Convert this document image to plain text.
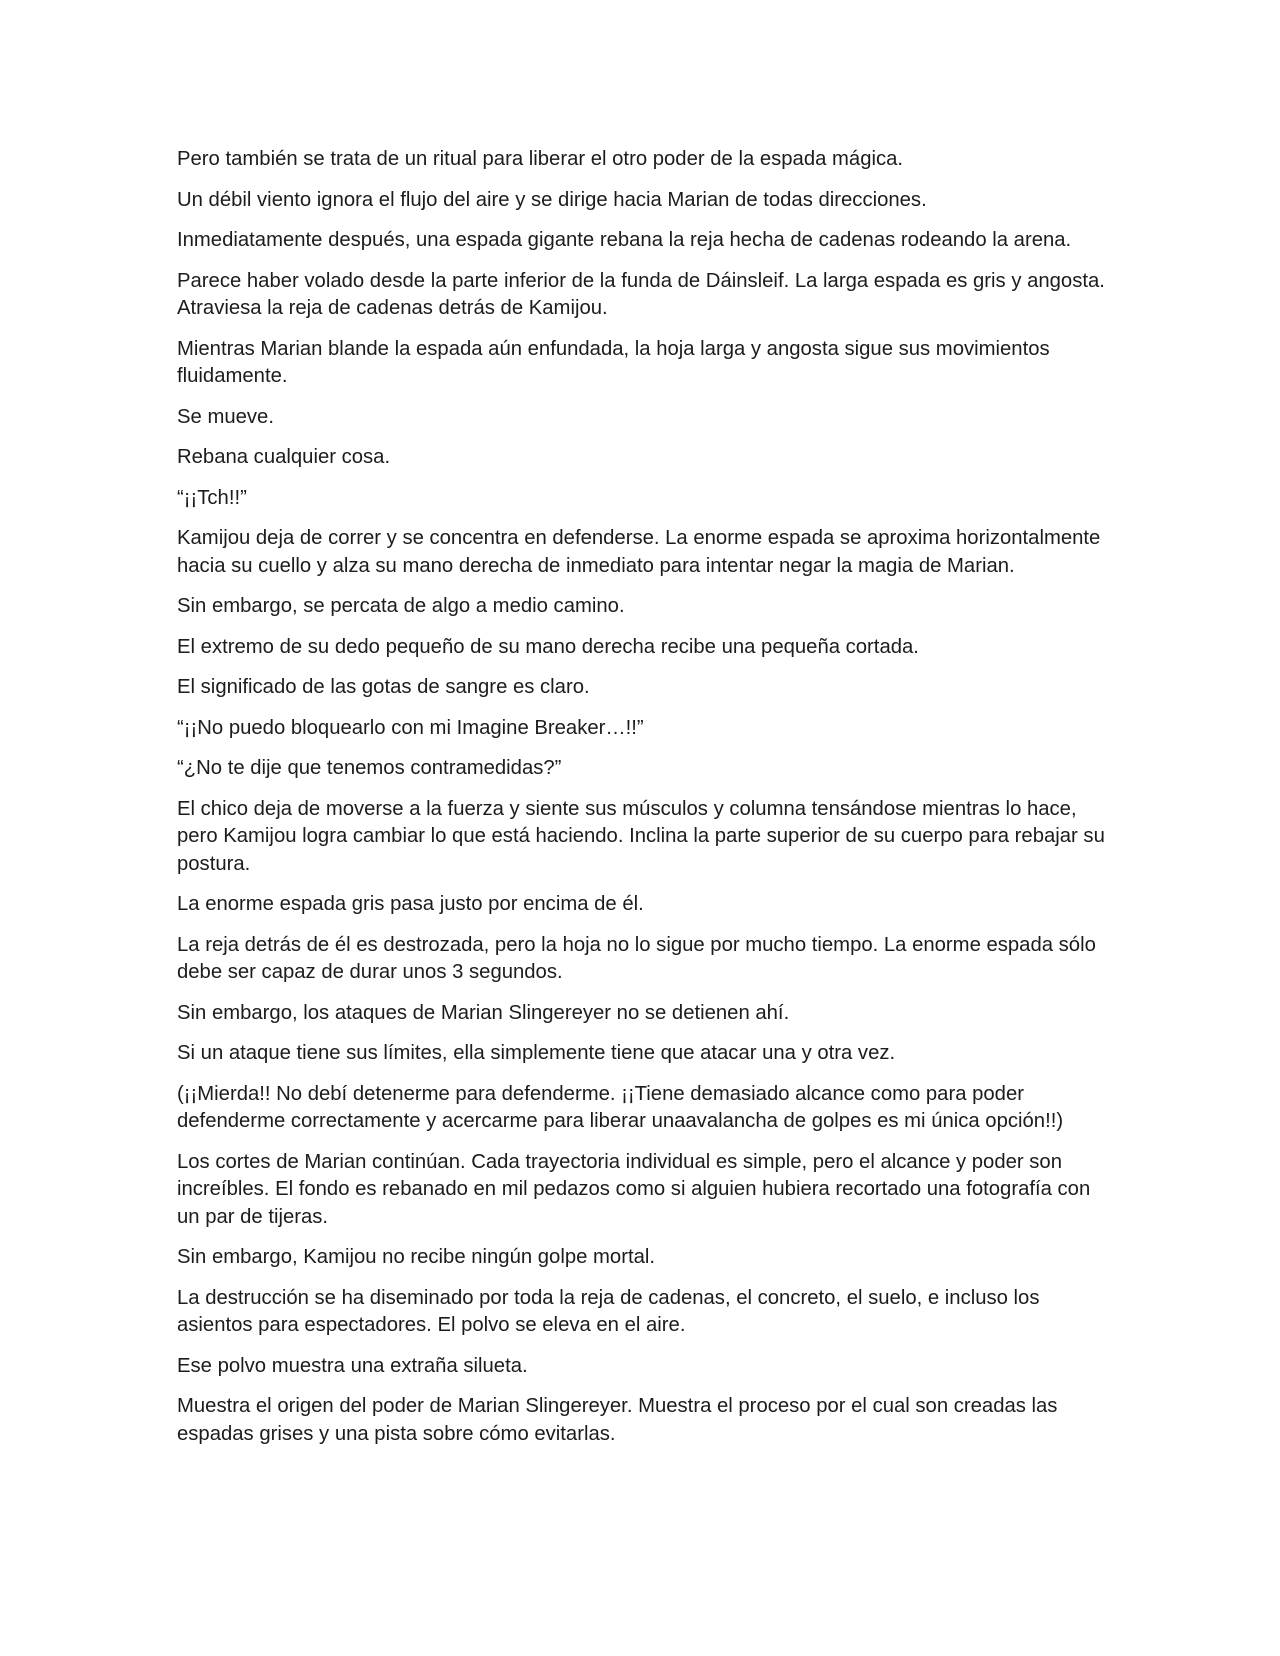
Pero también se trata de un ritual para liberar el otro poder de la espada mágica.

Un débil viento ignora el flujo del aire y se dirige hacia Marian de todas direcciones.

Inmediatamente después, una espada gigante rebana la reja hecha de cadenas rodeando la arena.

Parece haber volado desde la parte inferior de la funda de Dáinsleif. La larga espada es gris y angosta. Atraviesa la reja de cadenas detrás de Kamijou.

Mientras Marian blande la espada aún enfundada, la hoja larga y angosta sigue sus movimientos fluidamente.

Se mueve.

Rebana cualquier cosa.

“¡¡Tch!!”

Kamijou deja de correr y se concentra en defenderse. La enorme espada se aproxima horizontalmente hacia su cuello y alza su mano derecha de inmediato para intentar negar la magia de Marian.

Sin embargo, se percata de algo a medio camino.

El extremo de su dedo pequeño de su mano derecha recibe una pequeña cortada.

El significado de las gotas de sangre es claro.

“¡¡No puedo bloquearlo con mi Imagine Breaker…!!”

“¿No te dije que tenemos contramedidas?”

El chico deja de moverse a la fuerza y siente sus músculos y columna tensándose mientras lo hace, pero Kamijou logra cambiar lo que está haciendo. Inclina la parte superior de su cuerpo para rebajar su postura.

La enorme espada gris pasa justo por encima de él.

La reja detrás de él es destrozada, pero la hoja no lo sigue por mucho tiempo. La enorme espada sólo debe ser capaz de durar unos 3 segundos.

Sin embargo, los ataques de Marian Slingereyer no se detienen ahí.

Si un ataque tiene sus límites, ella simplemente tiene que atacar una y otra vez.

(¡¡Mierda!! No debí detenerme para defenderme. ¡¡Tiene demasiado alcance como para poder defenderme correctamente y acercarme para liberar unaavalancha de golpes es mi única opción!!)

Los cortes de Marian continúan. Cada trayectoria individual es simple, pero el alcance y poder son increíbles. El fondo es rebanado en mil pedazos como si alguien hubiera recortado una fotografía con un par de tijeras.

Sin embargo, Kamijou no recibe ningún golpe mortal.

La destrucción se ha diseminado por toda la reja de cadenas, el concreto, el suelo, e incluso los asientos para espectadores. El polvo se eleva en el aire.

Ese polvo muestra una extraña silueta.

Muestra el origen del poder de Marian Slingereyer. Muestra el proceso por el cual son creadas las espadas grises y una pista sobre cómo evitarlas.
